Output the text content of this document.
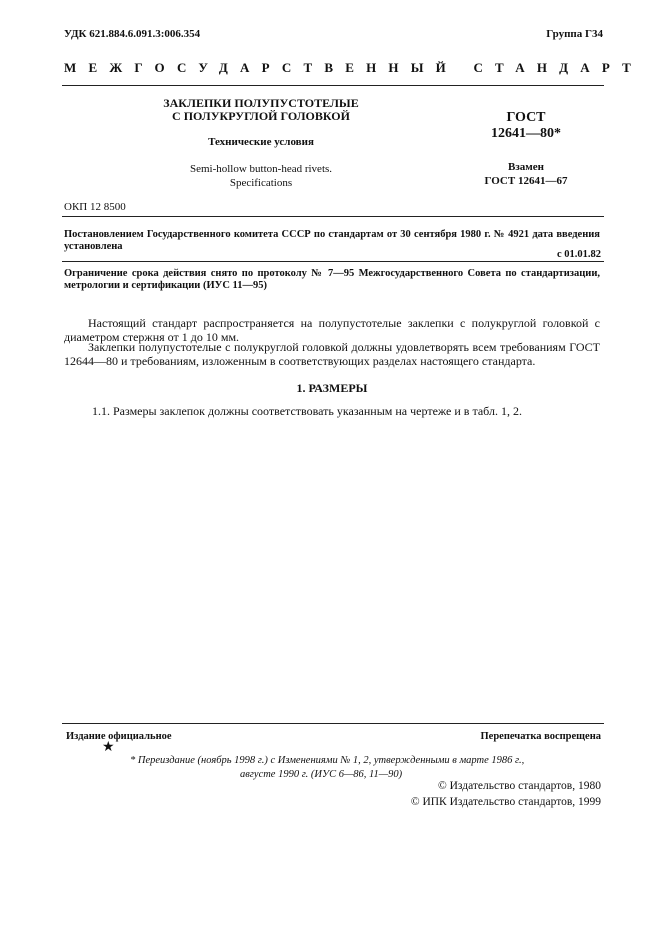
УДК 621.884.6.091.3:006.354	Группа Г34
МЕЖГОСУДАРСТВЕННЫЙ СТАНДАРТ
ЗАКЛЕПКИ ПОЛУПУСТОТЕЛЫЕ
С ПОЛУКРУГЛОЙ ГОЛОВКОЙ
Технические условия
Semi-hollow button-head rivets.
Specifications
ГОСТ
12641—80*
Взамен
ГОСТ 12641—67
ОКП 12 8500
Постановлением Государственного комитета СССР по стандартам от 30 сентября 1980 г. № 4921 дата введения установлена
с 01.01.82
Ограничение срока действия снято по протоколу № 7—95 Межгосударственного Совета по стандартизации, метрологии и сертификации (ИУС 11—95)
Настоящий стандарт распространяется на полупустотелые заклепки с полукруглой головкой с диаметром стержня от 1 до 10 мм.
Заклепки полупустотелые с полукруглой головкой должны удовлетворять всем требованиям ГОСТ 12644—80 и требованиям, изложенным в соответствующих разделах настоящего стандарта.
1. РАЗМЕРЫ
1.1. Размеры заклепок должны соответствовать указанным на чертеже и в табл. 1, 2.
Издание официальное	Перепечатка воспрещена
★
* Переиздание (ноябрь 1998 г.) с Изменениями № 1, 2, утвержденными в марте 1986 г.,
августе 1990 г. (ИУС 6—86, 11—90)
© Издательство стандартов, 1980
© ИПК Издательство стандартов, 1999
